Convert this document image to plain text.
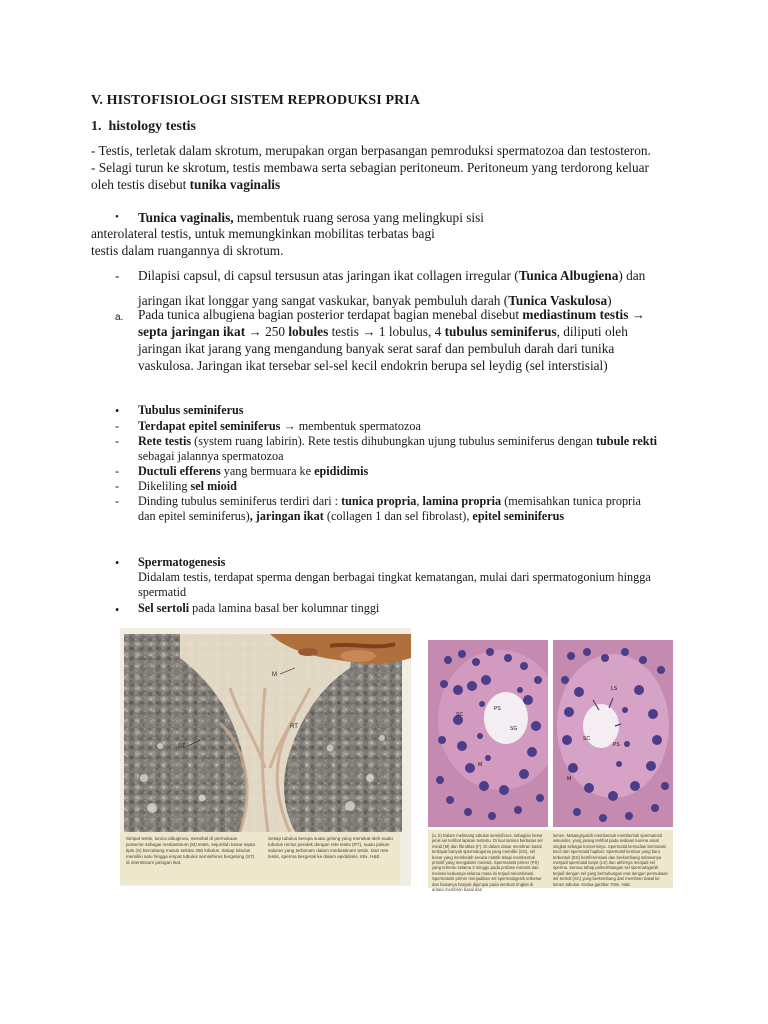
V. HISTOFISIOLOGI SISTEM REPRODUKSI PRIA
1. histology testis
- Testis, terletak dalam skrotum, merupakan organ berpasangan pemroduksi spermatozoa dan testosteron.
- Selagi turun ke skrotum, testis membawa serta sebagian peritoneum. Peritoneum yang terdorong keluar
oleh testis disebut tunika vaginalis
• Tunica vaginalis, membentuk ruang serosa yang melingkupi sisi
anterolateral testis, untuk memungkinkan mobilitas terbatas bagi
testis dalam ruangannya di skrotum.
- Dilapisi capsul, di capsul tersusun atas jaringan ikat collagen irregular (Tunica Albugiena) dan
jaringan ikat longgar yang sangat vaskukar, banyak pembuluh darah (Tunica Vaskulosa)
a. Pada tunica albugiena bagian posterior terdapat bagian menebal disebut mediastinum testis →
septa jaringan ikat → 250 lobules testis → 1 lobulus, 4 tubulus seminiferus, diliputi oleh
jaringan ikat jarang yang mengandung banyak serat saraf dan pembuluh darah dari tunika
vaskulosa. Jaringan ikat tersebar sel-sel kecil endokrin berupa sel leydig (sel interstisial)
• Tubulus seminiferus
- Terdapat epitel seminiferus → membentuk spermatozoa
- Rete testis (system ruang labirin). Rete testis dihubungkan ujung tubulus seminiferus dengan tubule rekti
sebagai jalannya spermatozoa
- Ductuli efferens yang bermuara ke epididimis
- Dikeliling sel mioid
- Dinding tubulus seminiferus terdiri dari : tunica propria, lamina propria (memisahkan tunica propria
dan epitel seminiferus), jaringan ikat (collagen 1 dan sel fibrolast), epitel seminiferus
• Spermatogenesis
Didalam testis, terdapat sperma dengan berbagai tingkat kematangan, mulai dari spermatogonium hingga
spermatid
• Sel sertoli pada lamina basal ber kolumnar tinggi
M
ST
RT
Simpul testis, tunica albuginea, menebal di permukaan posterior sebagai mediastinum (M) testis, sejumlah besar septa tipis (S) bercabang masuk sekitar 250 lobulus. Setiap lobulus memiliki satu hingga empat tubulus seminiferus bergelung (ST) di interstisium jaringan ikat.
Setiap tubulus berupa suatu gelung yang menekat oleh suatu tubulus rectus pendek dengan rete testis (RT), suatu jalinan saluran yang terbenam dalam mediastinum testis. Dari rete testis, sperma bergerak ke dalam epididimis. 60x. H&E.
SC
PS
SG
M
LS
SC
PS
M
(a, b) Dalam melintang tubulus seminiferus, sebagian besar jenis sel terlihat lapisan tertentu. Di luar lamina berbatas sel mioid (M) dan fibroblas (F). Di dalam dasar membran basal terdapat banyak spermatogonia yang memiliki (SG), sel besar yang membelah secara mitotik tetapi membentuk primitif yang mengalami meiosis. Spermatosit primer (PS) yang tertentu selama 3 minggu pada profase meiosis dan meiosis keduanya selama masa ini terjadi rekombinasi. Spermatosit primer menjadikan sel spermatogenik terbesar dan biasanya banyak dijumpai pada sentrum tingkat di antara membran basal dan
lumen. Matangnyalah membentuk membentuk spermatosit sekunder, yang jarang terlihat pada sediaan karena amat singkat sebagai konversinya. Spermatid kemudian bermutasi kecil dan spermatid haploid. Spermatid kembar yang baru terbentuk (ES) bertiferensiasi dan berkembang selamanya menjadi spermatid lanjut (LS) dan akhirnya menjadi sel sperma. Semua tahap perkembangan sel spermatogenik terjadi dengan sel yang berhubungan erat dengan permukaan sel Sertoli (SC) yang berkembang dari membran basal ke lumen tubulus. Kedua gambar 750x. H&E.
